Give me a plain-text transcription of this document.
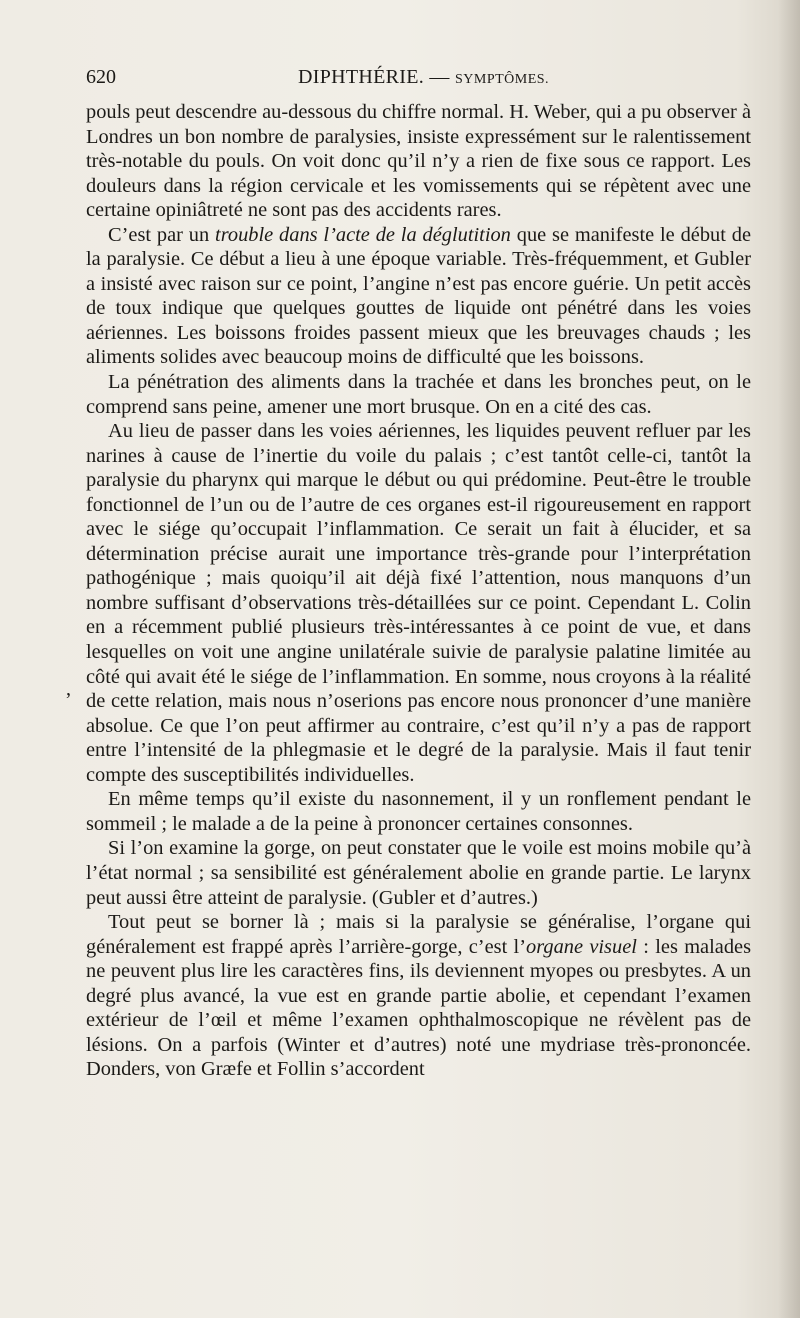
620	DIPHTHÉRIE. — SYMPTÔMES.
,

pouls peut descendre au-dessous du chiffre normal. H. Weber, qui a pu observer à Londres un bon nombre de paralysies, insiste expressément sur le ralentissement très-notable du pouls. On voit donc qu’il n’y a rien de fixe sous ce rapport. Les douleurs dans la région cervicale et les vomissements qui se répètent avec une certaine opiniâtreté ne sont pas des accidents rares.

C’est par un trouble dans l’acte de la déglutition que se manifeste le début de la paralysie. Ce début a lieu à une époque variable. Très-fréquemment, et Gubler a insisté avec raison sur ce point, l’angine n’est pas encore guérie. Un petit accès de toux indique que quelques gouttes de liquide ont pénétré dans les voies aériennes. Les boissons froides passent mieux que les breuvages chauds ; les aliments solides avec beaucoup moins de difficulté que les boissons.

La pénétration des aliments dans la trachée et dans les bronches peut, on le comprend sans peine, amener une mort brusque. On en a cité des cas.

Au lieu de passer dans les voies aériennes, les liquides peuvent refluer par les narines à cause de l’inertie du voile du palais ; c’est tantôt celle-ci, tantôt la paralysie du pharynx qui marque le début ou qui prédomine. Peut-être le trouble fonctionnel de l’un ou de l’autre de ces organes est-il rigoureusement en rapport avec le siége qu’occupait l’inflammation. Ce serait un fait à élucider, et sa détermination précise aurait une importance très-grande pour l’interprétation pathogénique ; mais quoiqu’il ait déjà fixé l’attention, nous manquons d’un nombre suffisant d’observations très-détaillées sur ce point. Cependant L. Colin en a récemment publié plusieurs très-intéressantes à ce point de vue, et dans lesquelles on voit une angine unilatérale suivie de paralysie palatine limitée au côté qui avait été le siége de l’inflammation. En somme, nous croyons à la réalité de cette relation, mais nous n’oserions pas encore nous prononcer d’une manière absolue. Ce que l’on peut affirmer au contraire, c’est qu’il n’y a pas de rapport entre l’intensité de la phlegmasie et le degré de la paralysie. Mais il faut tenir compte des susceptibilités individuelles.

En même temps qu’il existe du nasonnement, il y un ronflement pendant le sommeil ; le malade a de la peine à prononcer certaines consonnes.

Si l’on examine la gorge, on peut constater que le voile est moins mobile qu’à l’état normal ; sa sensibilité est généralement abolie en grande partie. Le larynx peut aussi être atteint de paralysie. (Gubler et d’autres.)

Tout peut se borner là ; mais si la paralysie se généralise, l’organe qui généralement est frappé après l’arrière-gorge, c’est l’organe visuel : les malades ne peuvent plus lire les caractères fins, ils deviennent myopes ou presbytes. A un degré plus avancé, la vue est en grande partie abolie, et cependant l’examen extérieur de l’œil et même l’examen ophthalmoscopique ne révèlent pas de lésions. On a parfois (Winter et d’autres) noté une mydriase très-prononcée. Donders, von Græfe et Follin s’accordent
